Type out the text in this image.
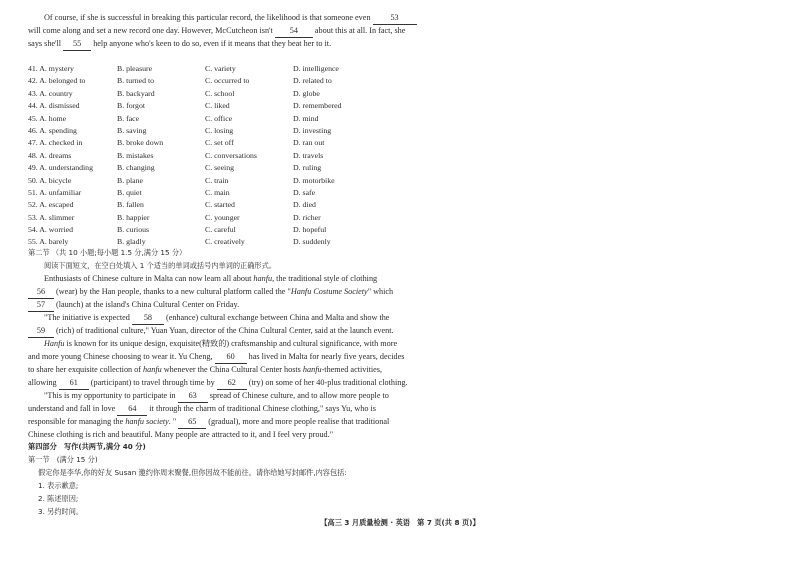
Of course, if she is successful in breaking this particular record, the likelihood is that someone even 53
will come along and set a new record one day. However, McCutcheon isn't 54 about this at all. In fact, she
says she'll 55 help anyone who's keen to do so, even if it means that they beat her to it.
41. A. mystery	B. pleasure	C. variety	D. intelligence
42. A. belonged to	B. turned to	C. occurred to	D. related to
43. A. country	B. backyard	C. school	D. globe
44. A. dismissed	B. forgot	C. liked	D. remembered
45. A. home	B. face	C. office	D. mind
46. A. spending	B. saving	C. losing	D. investing
47. A. checked in	B. broke down	C. set off	D. ran out
48. A. dreams	B. mistakes	C. conversations	D. travels
49. A. understanding	B. changing	C. seeing	D. ruling
50. A. bicycle	B. plane	C. train	D. motorbike
51. A. unfamiliar	B. quiet	C. main	D. safe
52. A. escaped	B. fallen	C. started	D. died
53. A. slimmer	B. happier	C. younger	D. richer
54. A. worried	B. curious	C. careful	D. hopeful
55. A. barely	B. gladly	C. creatively	D. suddenly
第二节 （共 10 小题;每小题 1.5 分,满分 15 分）
阅读下面短文，在空白处填入 1 个适当的单词或括号内单词的正确形式。
Enthusiasts of Chinese culture in Malta can now learn all about hanfu, the traditional style of clothing
56 (wear) by the Han people, thanks to a new cultural platform called the "Hanfu Costume Society" which
57 (launch) at the island's China Cultural Center on Friday.
"The initiative is expected 58 (enhance) cultural exchange between China and Malta and show the
59 (rich) of traditional culture," Yuan Yuan, director of the China Cultural Center, said at the launch event.
Hanfu is known for its unique design, exquisite(精致的) craftsmanship and cultural significance, with more
and more young Chinese choosing to wear it. Yu Cheng, 60 has lived in Malta for nearly five years, decides
to share her exquisite collection of hanfu whenever the China Cultural Center hosts hanfu-themed activities,
allowing 61 (participant) to travel through time by 62 (try) on some of her 40-plus traditional clothing.
"This is my opportunity to participate in 63 spread of Chinese culture, and to allow more people to
understand and fall in love 64 it through the charm of traditional Chinese clothing," says Yu, who is
responsible for managing the hanfu society. " 65 (gradual), more and more people realise that traditional
Chinese clothing is rich and beautiful. Many people are attracted to it, and I feel very proud."
第四部分　写作(共两节,满分 40 分)
第一节　(满分 15 分)
假定你是李华,你的好友 Susan 邀约你周末聚餐,但你因故不能前往。请你给她写封邮件,内容包括:
1. 表示歉意;
2. 陈述原因;
3. 另约时间。
【高三 3 月质量检测 · 英语　第 7 页(共 8 页)】
